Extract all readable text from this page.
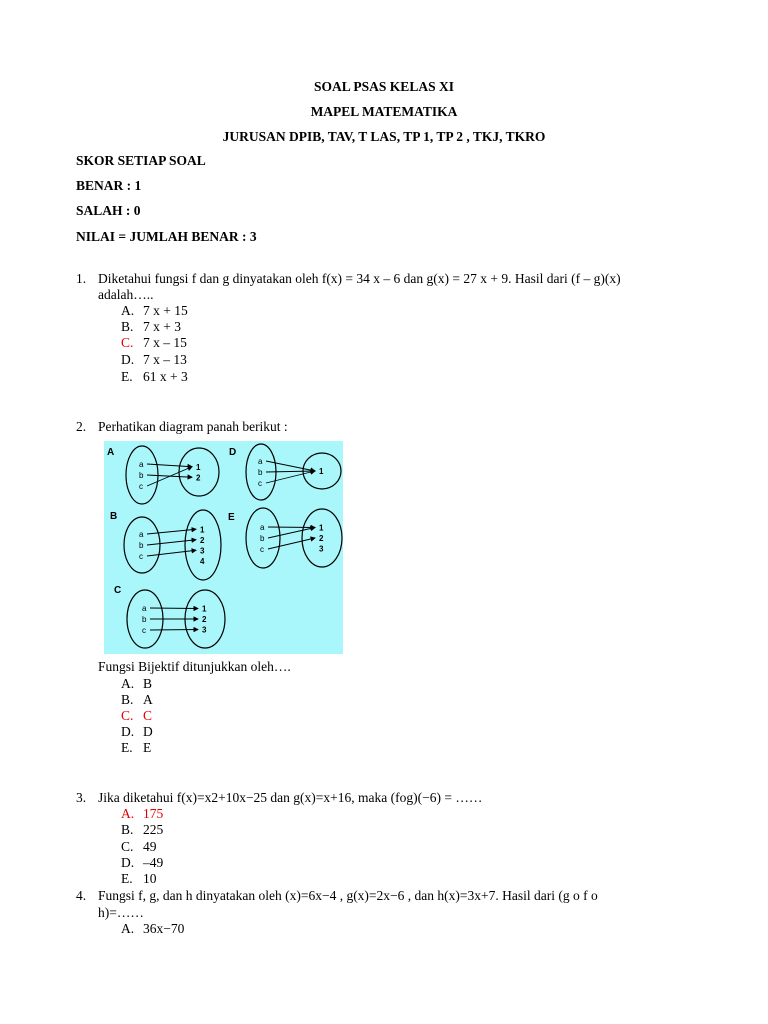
SOAL PSAS KELAS XI
MAPEL MATEMATIKA
JURUSAN DPIB, TAV, T LAS, TP 1, TP 2 , TKJ, TKRO
SKOR SETIAP SOAL
BENAR : 1
SALAH : 0
NILAI = JUMLAH BENAR : 3
1. Diketahui fungsi f dan g dinyatakan oleh f(x) = 34 x – 6 dan g(x) = 27 x + 9. Hasil dari (f – g)(x)
adalah…..
A. 7 x + 15
B. 7 x + 3
C. 7 x – 15
D. 7 x – 13
E. 61 x + 3
2. Perhatikan diagram panah berikut :
A
a
b
c
1
2
D
a
b
c
1
B
a
b
c
1
2
3
4
E
a
b
c
1
2
3
C
a
b
c
1
2
3
Fungsi Bijektif ditunjukkan oleh….
A. B
B. A
C. C
D. D
E. E
3. Jika diketahui f(x)=x2+10x−25 dan g(x)=x+16, maka (fog)(−6) = ……
A. 175
B. 225
C. 49
D. –49
E. 10
4. Fungsi f, g, dan h dinyatakan oleh (x)=6x−4 , g(x)=2x−6 , dan h(x)=3x+7. Hasil dari (g o f o
h)=……
A. 36x−70
